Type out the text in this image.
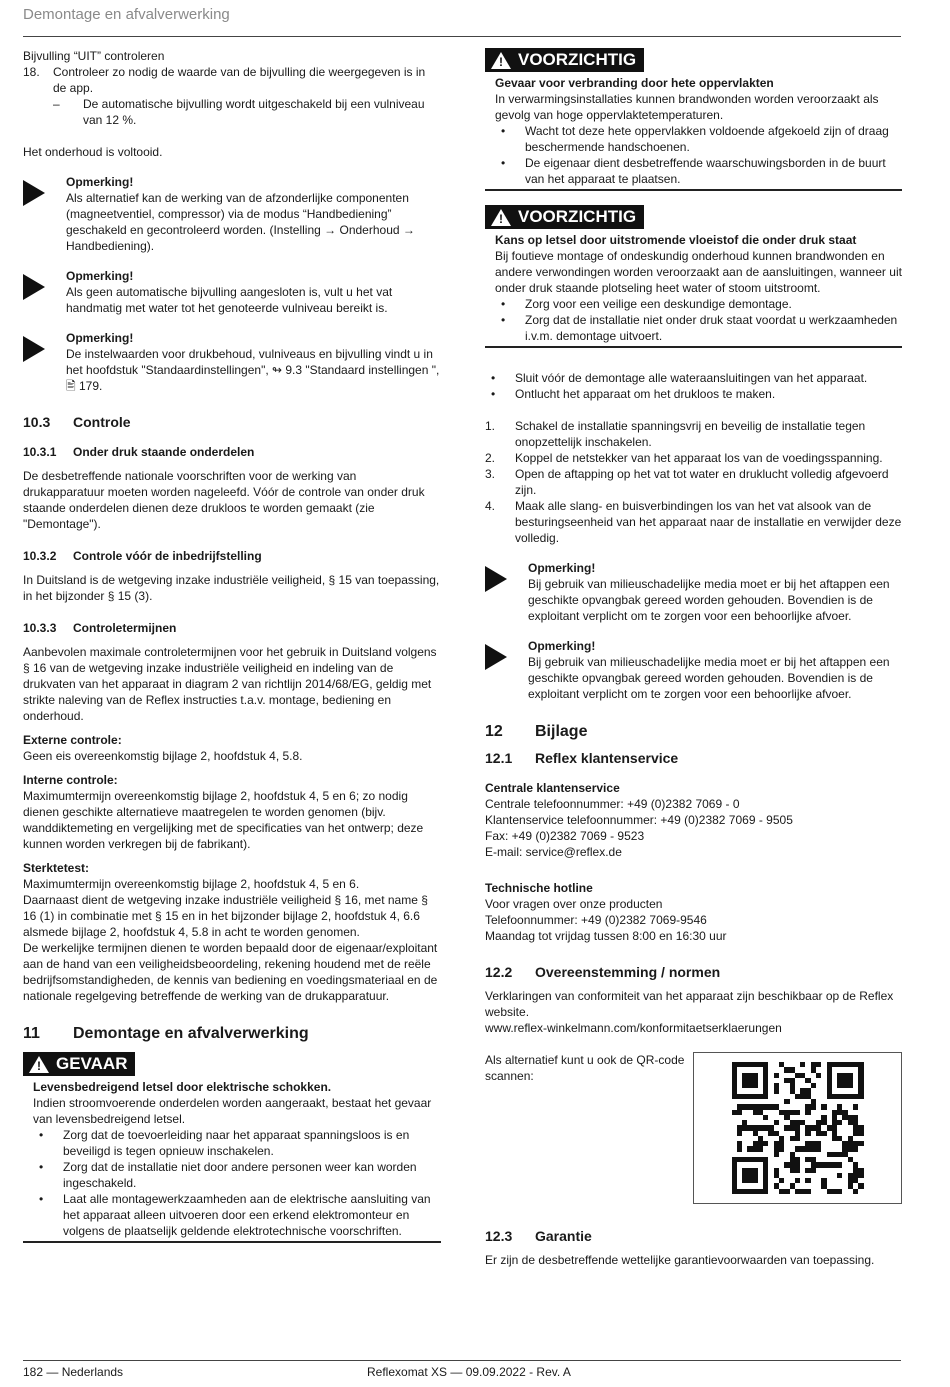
Demontage en afvalverwerking

Bijvulling “UIT” controleren

18.	Controleer zo nodig de waarde van de bijvulling die weergegeven is in de app.
–	De automatische bijvulling wordt uitgeschakeld bij een vulniveau van 12 %.

Het onderhoud is voltooid.

Opmerking!
Als alternatief kan de werking van de afzonderlijke componenten (magneetventiel, compressor) via de modus “Handbediening” geschakeld en gecontroleerd worden. (Instelling → Onderhoud → Handbediening).
Opmerking!
Als geen automatische bijvulling aangesloten is, vult u het vat handmatig met water tot het genoteerde vulniveau bereikt is.
Opmerking!
De instelwaarden voor drukbehoud, vulniveaus en bijvulling vindt u in het hoofdstuk "Standaardinstellingen", ↬ 9.3 "Standaard instellingen ", 🖹 179.
10.3	Controle
10.3.1	Onder druk staande onderdelen

De desbetreffende nationale voorschriften voor de werking van drukapparatuur moeten worden nageleefd. Vóór de controle van onder druk staande onderdelen dienen deze drukloos te worden gemaakt (zie "Demontage").

10.3.2	Controle vóór de inbedrijfstelling

In Duitsland is de wetgeving inzake industriële veiligheid, § 15 van toepassing, in het bijzonder § 15 (3).

10.3.3	Controletermijnen

Aanbevolen maximale controletermijnen voor het gebruik in Duitsland volgens § 16 van de wetgeving inzake industriële veiligheid en indeling van de drukvaten van het apparaat in diagram 2 van richtlijn 2014/68/EG, geldig met strikte naleving van de Reflex instructies t.a.v. montage, bediening en onderhoud.

Externe controle:

Geen eis overeenkomstig bijlage 2, hoofdstuk 4, 5.8.

Interne controle:

Maximumtermijn overeenkomstig bijlage 2, hoofdstuk 4, 5 en 6; zo nodig dienen geschikte alternatieve maatregelen te worden genomen (bijv. wanddiktemeting en vergelijking met de specificaties van het ontwerp; deze kunnen worden verkregen bij de fabrikant).

Sterktetest:

Maximumtermijn overeenkomstig bijlage 2, hoofdstuk 4, 5 en 6.

Daarnaast dient de wetgeving inzake industriële veiligheid § 16, met name § 16 (1) in combinatie met § 15 en in het bijzonder bijlage 2, hoofdstuk 4, 6.6 alsmede bijlage 2, hoofdstuk 4, 5.8 in acht te worden genomen.

De werkelijke termijnen dienen te worden bepaald door de eigenaar/exploitant aan de hand van een veiligheidsbeoordeling, rekening houdend met de reële bedrijfsomstandigheden, de kennis van bediening en voedingsmateriaal en de nationale regelgeving betreffende de werking van de drukapparatuur.

11	Demontage en afvalverwerking
! GEVAAR
Levensbedreigend letsel door elektrische schokken.
Indien stroomvoerende onderdelen worden aangeraakt, bestaat het gevaar van levensbedreigend letsel.
•	Zorg dat de toevoerleiding naar het apparaat spanningsloos is en beveiligd is tegen opnieuw inschakelen.
•	Zorg dat de installatie niet door andere personen weer kan worden ingeschakeld.
•	Laat alle montagewerkzaamheden aan de elektrische aansluiting van het apparaat alleen uitvoeren door een erkend elektromonteur en volgens de plaatselijk geldende elektrotechnische voorschriften.
! VOORZICHTIG
Gevaar voor verbranding door hete oppervlakten
In verwarmingsinstallaties kunnen brandwonden worden veroorzaakt als gevolg van hoge oppervlaktetemperaturen.
•	Wacht tot deze hete oppervlakken voldoende afgekoeld zijn of draag beschermende handschoenen.
•	De eigenaar dient desbetreffende waarschuwingsborden in de buurt van het apparaat te plaatsen.
! VOORZICHTIG
Kans op letsel door uitstromende vloeistof die onder druk staat
Bij foutieve montage of ondeskundig onderhoud kunnen brandwonden en andere verwondingen worden veroorzaakt aan de aansluitingen, wanneer uit onder druk staande plotseling heet water of stoom uitstroomt.
•	Zorg voor een veilige een deskundige demontage.
•	Zorg dat de installatie niet onder druk staat voordat u werkzaamheden i.v.m. demontage uitvoert.
•	Sluit vóór de demontage alle wateraansluitingen van het apparaat.
•	Ontlucht het apparaat om het drukloos te maken.
1.	Schakel de installatie spanningsvrij en beveilig de installatie tegen onopzettelijk inschakelen.
2.	Koppel de netstekker van het apparaat los van de voedingsspanning.
3.	Open de aftapping op het vat tot water en druklucht volledig afgevoerd zijn.
4.	Maak alle slang- en buisverbindingen los van het vat alsook van de besturingseenheid van het apparaat naar de installatie en verwijder deze volledig.
Opmerking!
Bij gebruik van milieuschadelijke media moet er bij het aftappen een geschikte opvangbak gereed worden gehouden. Bovendien is de exploitant verplicht om te zorgen voor een behoorlijke afvoer.
Opmerking!
Bij gebruik van milieuschadelijke media moet er bij het aftappen een geschikte opvangbak gereed worden gehouden. Bovendien is de exploitant verplicht om te zorgen voor een behoorlijke afvoer.
12	Bijlage
12.1	Reflex klantenservice

Centrale klantenservice

Centrale telefoonnummer: +49 (0)2382 7069 - 0

Klantenservice telefoonnummer: +49 (0)2382 7069 - 9505

Fax: +49 (0)2382 7069 - 9523

E-mail: service@reflex.de

Technische hotline

Voor vragen over onze producten

Telefoonnummer: +49 (0)2382 7069-9546

Maandag tot vrijdag tussen 8:00 en 16:30 uur

12.2	Overeenstemming / normen

Verklaringen van conformiteit van het apparaat zijn beschikbaar op de Reflex website.

www.reflex-winkelmann.com/konformitaetserklaerungen

Als alternatief kunt u ook de QR-code scannen:
12.3	Garantie

Er zijn de desbetreffende wettelijke garantievoorwaarden van toepassing.

182 — Nederlands	Reflexomat XS — 09.09.2022 - Rev. A
